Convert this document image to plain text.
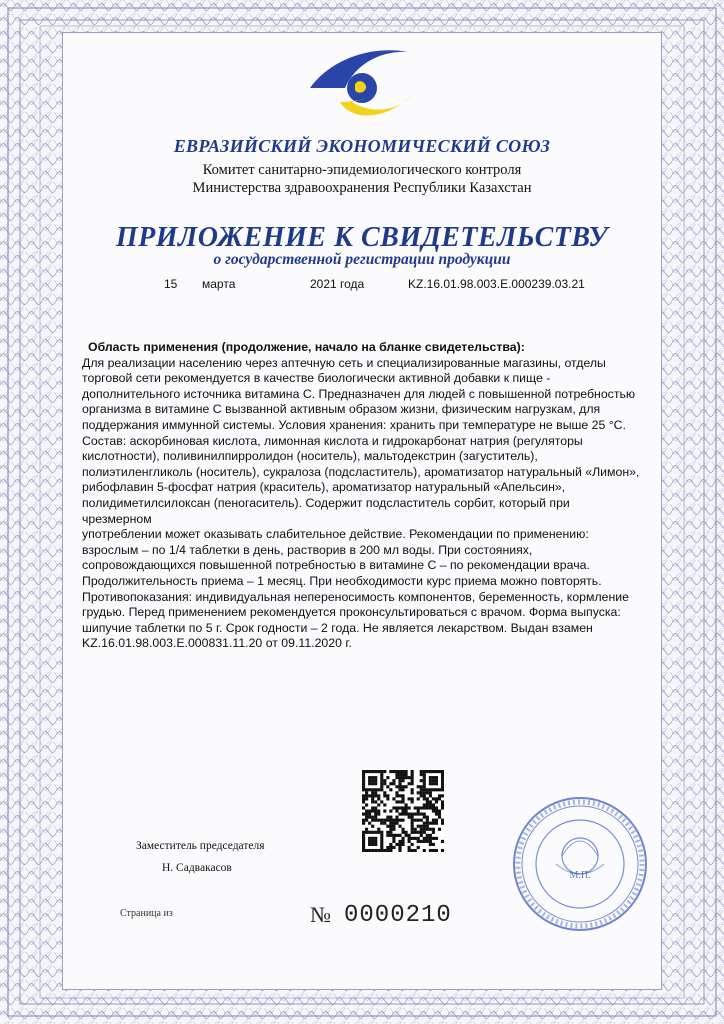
ЕВРАЗИЙСКИЙ ЭКОНОМИЧЕСКИЙ СОЮЗ
Комитет санитарно-эпидемиологического контроля
Министерства здравоохранения Республики Казахстан
ПРИЛОЖЕНИЕ К СВИДЕТЕЛЬСТВУ
о государственной регистрации продукции
15 марта	2021 года	KZ.16.01.98.003.E.000239.03.21

Область применения (продолжение, начало на бланке свидетельства):

Для реализации населению через аптечную сеть и специализированные магазины, отделы

торговой сети рекомендуется в качестве биологически активной добавки к пище -

дополнительного источника витамина С. Предназначен для людей с повышенной потребностью

организма в витамине С вызванной активным образом жизни, физическим нагрузкам, для

поддержания иммунной системы. Условия хранения: хранить при температуре не выше 25 °С.

Состав: аскорбиновая кислота, лимонная кислота и гидрокарбонат натрия (регуляторы

кислотности), поливинилпирролидон (носитель), мальтодекстрин (загуститель),

полиэтиленгликоль (носитель), сукралоза (подсластитель), ароматизатор натуральный «Лимон»,

рибофлавин 5-фосфат натрия (краситель), ароматизатор натуральный «Апельсин»,

полидиметилсилоксан (пеногаситель). Содержит подсластитель сорбит, который при чрезмерном

употреблении может оказывать слабительное действие. Рекомендации по применению:

взрослым – по 1/4 таблетки в день, растворив в 200 мл воды. При состояниях,

сопровождающихся повышенной потребностью в витамине С – по рекомендации врача.

Продолжительность приема – 1 месяц. При необходимости курс приема можно повторять.

Противопоказания: индивидуальная непереносимость компонентов, беременность, кормление

грудью. Перед применением рекомендуется проконсультироваться с врачом. Форма выпуска:

шипучие таблетки по 5 г. Срок годности – 2 года. Не является лекарством. Выдан взамен

KZ.16.01.98.003.E.000831.11.20 от 09.11.2020 г.

Заместитель председателя
Н. Садвакасов
М.П.
Страница из	№ 0000210
